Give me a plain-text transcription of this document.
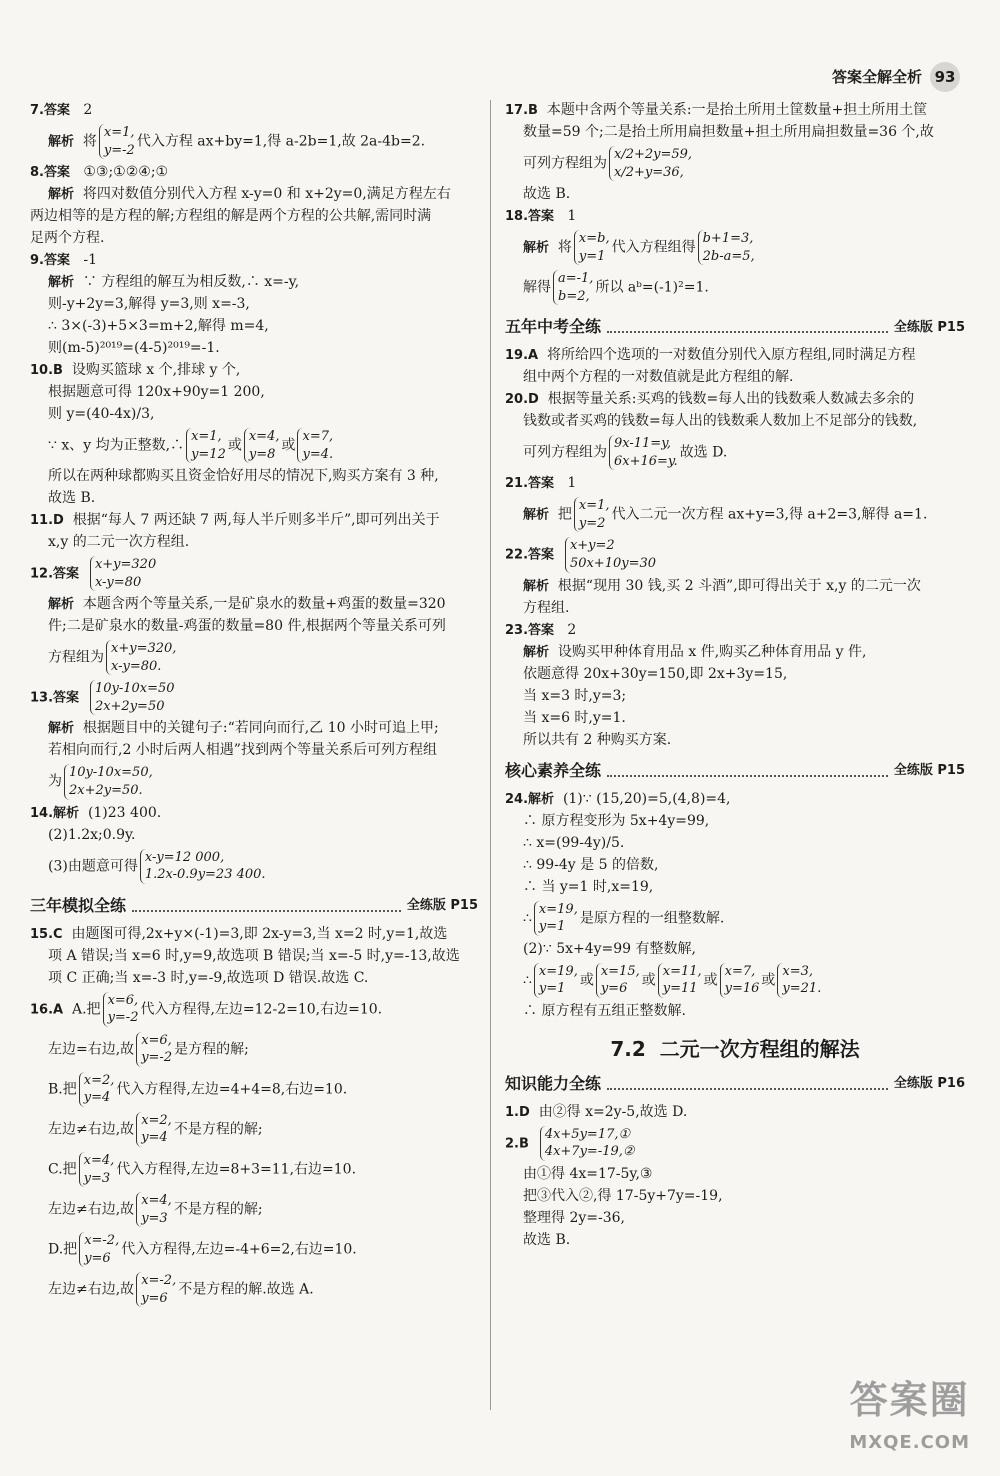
答案全解全析 93
7.答案 2
解析 将x=1,
y=-2代入方程 ax+by=1,得 a-2b=1,故 2a-4b=2.
8.答案 ①③;①②④;①
解析 将四对数值分别代入方程 x-y=0 和 x+2y=0,满足方程左右
两边相等的是方程的解;方程组的解是两个方程的公共解,需同时满
足两个方程.
9.答案 -1
解析 ∵ 方程组的解互为相反数,∴ x=-y,
则-y+2y=3,解得 y=3,则 x=-3,
∴ 3×(-3)+5×3=m+2,解得 m=4,
则(m-5)²⁰¹⁹=(4-5)²⁰¹⁹=-1.
10.B 设购买篮球 x 个,排球 y 个,
根据题意可得 120x+90y=1 200,
则 y=(40-4x)/3,
∵ x、y 均为正整数,∴x=1,
y=12或x=4,
y=8或x=7,
y=4.
所以在两种球都购买且资金恰好用尽的情况下,购买方案有 3 种,
故选 B.
11.D 根据“每人 7 两还缺 7 两,每人半斤则多半斤”,即可列出关于
x,y 的二元一次方程组.
12.答案  x+y=320
x-y=80
解析 本题含两个等量关系,一是矿泉水的数量+鸡蛋的数量=320
件;二是矿泉水的数量-鸡蛋的数量=80 件,根据两个等量关系可列
方程组为x+y=320,
x-y=80.
13.答案  10y-10x=50
2x+2y=50
解析 根据题目中的关键句子:“若同向而行,乙 10 小时可追上甲;
若相向而行,2 小时后两人相遇”找到两个等量关系后可列方程组
为10y-10x=50,
2x+2y=50.
14.解析 (1)23 400.
(2)1.2x;0.9y.
(3)由题意可得x-y=12 000,
1.2x-0.9y=23 400.
三年模拟全练	全练版 P15
15.C 由题图可得,2x+y×(-1)=3,即 2x-y=3,当 x=2 时,y=1,故选
项 A 错误;当 x=6 时,y=9,故选项 B 错误;当 x=-5 时,y=-13,故选
项 C 正确;当 x=-3 时,y=-9,故选项 D 错误.故选 C.
16.A A.把x=6,
y=-2代入方程得,左边=12-2=10,右边=10.
左边=右边,故x=6,
y=-2是方程的解;
B.把x=2,
y=4代入方程得,左边=4+4=8,右边=10.
左边≠右边,故x=2,
y=4不是方程的解;
C.把x=4,
y=3代入方程得,左边=8+3=11,右边=10.
左边≠右边,故x=4,
y=3不是方程的解;
D.把x=-2,
y=6代入方程得,左边=-4+6=2,右边=10.
左边≠右边,故x=-2,
y=6不是方程的解.故选 A.
17.B 本题中含两个等量关系:一是抬土所用土筐数量+担土所用土筐
数量=59 个;二是抬土所用扁担数量+担土所用扁担数量=36 个,故
可列方程组为x/2+2y=59,
x/2+y=36,
故选 B.
18.答案 1
解析 将x=b,
y=1代入方程组得b+1=3,
2b-a=5,
解得a=-1,
b=2,所以 aᵇ=(-1)²=1.
五年中考全练	全练版 P15
19.A 将所给四个选项的一对数值分别代入原方程组,同时满足方程
组中两个方程的一对数值就是此方程组的解.
20.D 根据等量关系:买鸡的钱数=每人出的钱数乘人数减去多余的
钱数或者买鸡的钱数=每人出的钱数乘人数加上不足部分的钱数,
可列方程组为9x-11=y,
6x+16=y.故选 D.
21.答案 1
解析 把x=1,
y=2代入二元一次方程 ax+y=3,得 a+2=3,解得 a=1.
22.答案  x+y=2
50x+10y=30
解析 根据“现用 30 钱,买 2 斗酒”,即可得出关于 x,y 的二元一次
方程组.
23.答案 2
解析 设购买甲种体育用品 x 件,购买乙种体育用品 y 件,
依题意得 20x+30y=150,即 2x+3y=15,
当 x=3 时,y=3;
当 x=6 时,y=1.
所以共有 2 种购买方案.
核心素养全练	全练版 P15
24.解析 (1)∵ (15,20)=5,(4,8)=4,
∴ 原方程变形为 5x+4y=99,
∴ x=(99-4y)/5.
∴ 99-4y 是 5 的倍数,
∴ 当 y=1 时,x=19,
∴x=19,
y=1是原方程的一组整数解.
(2)∵ 5x+4y=99 有整数解,
∴x=19,
y=1或x=15,
y=6或x=11,
y=11或x=7,
y=16或x=3,
y=21.
∴ 原方程有五组正整数解.
7.2 二元一次方程组的解法
知识能力全练	全练版 P16
1.D 由②得 x=2y-5,故选 D.
2.B  4x+5y=17,①
4x+7y=-19,②
由①得 4x=17-5y,③
把③代入②,得 17-5y+7y=-19,
整理得 2y=-36,
故选 B.
答案圈
MXQE.COM
